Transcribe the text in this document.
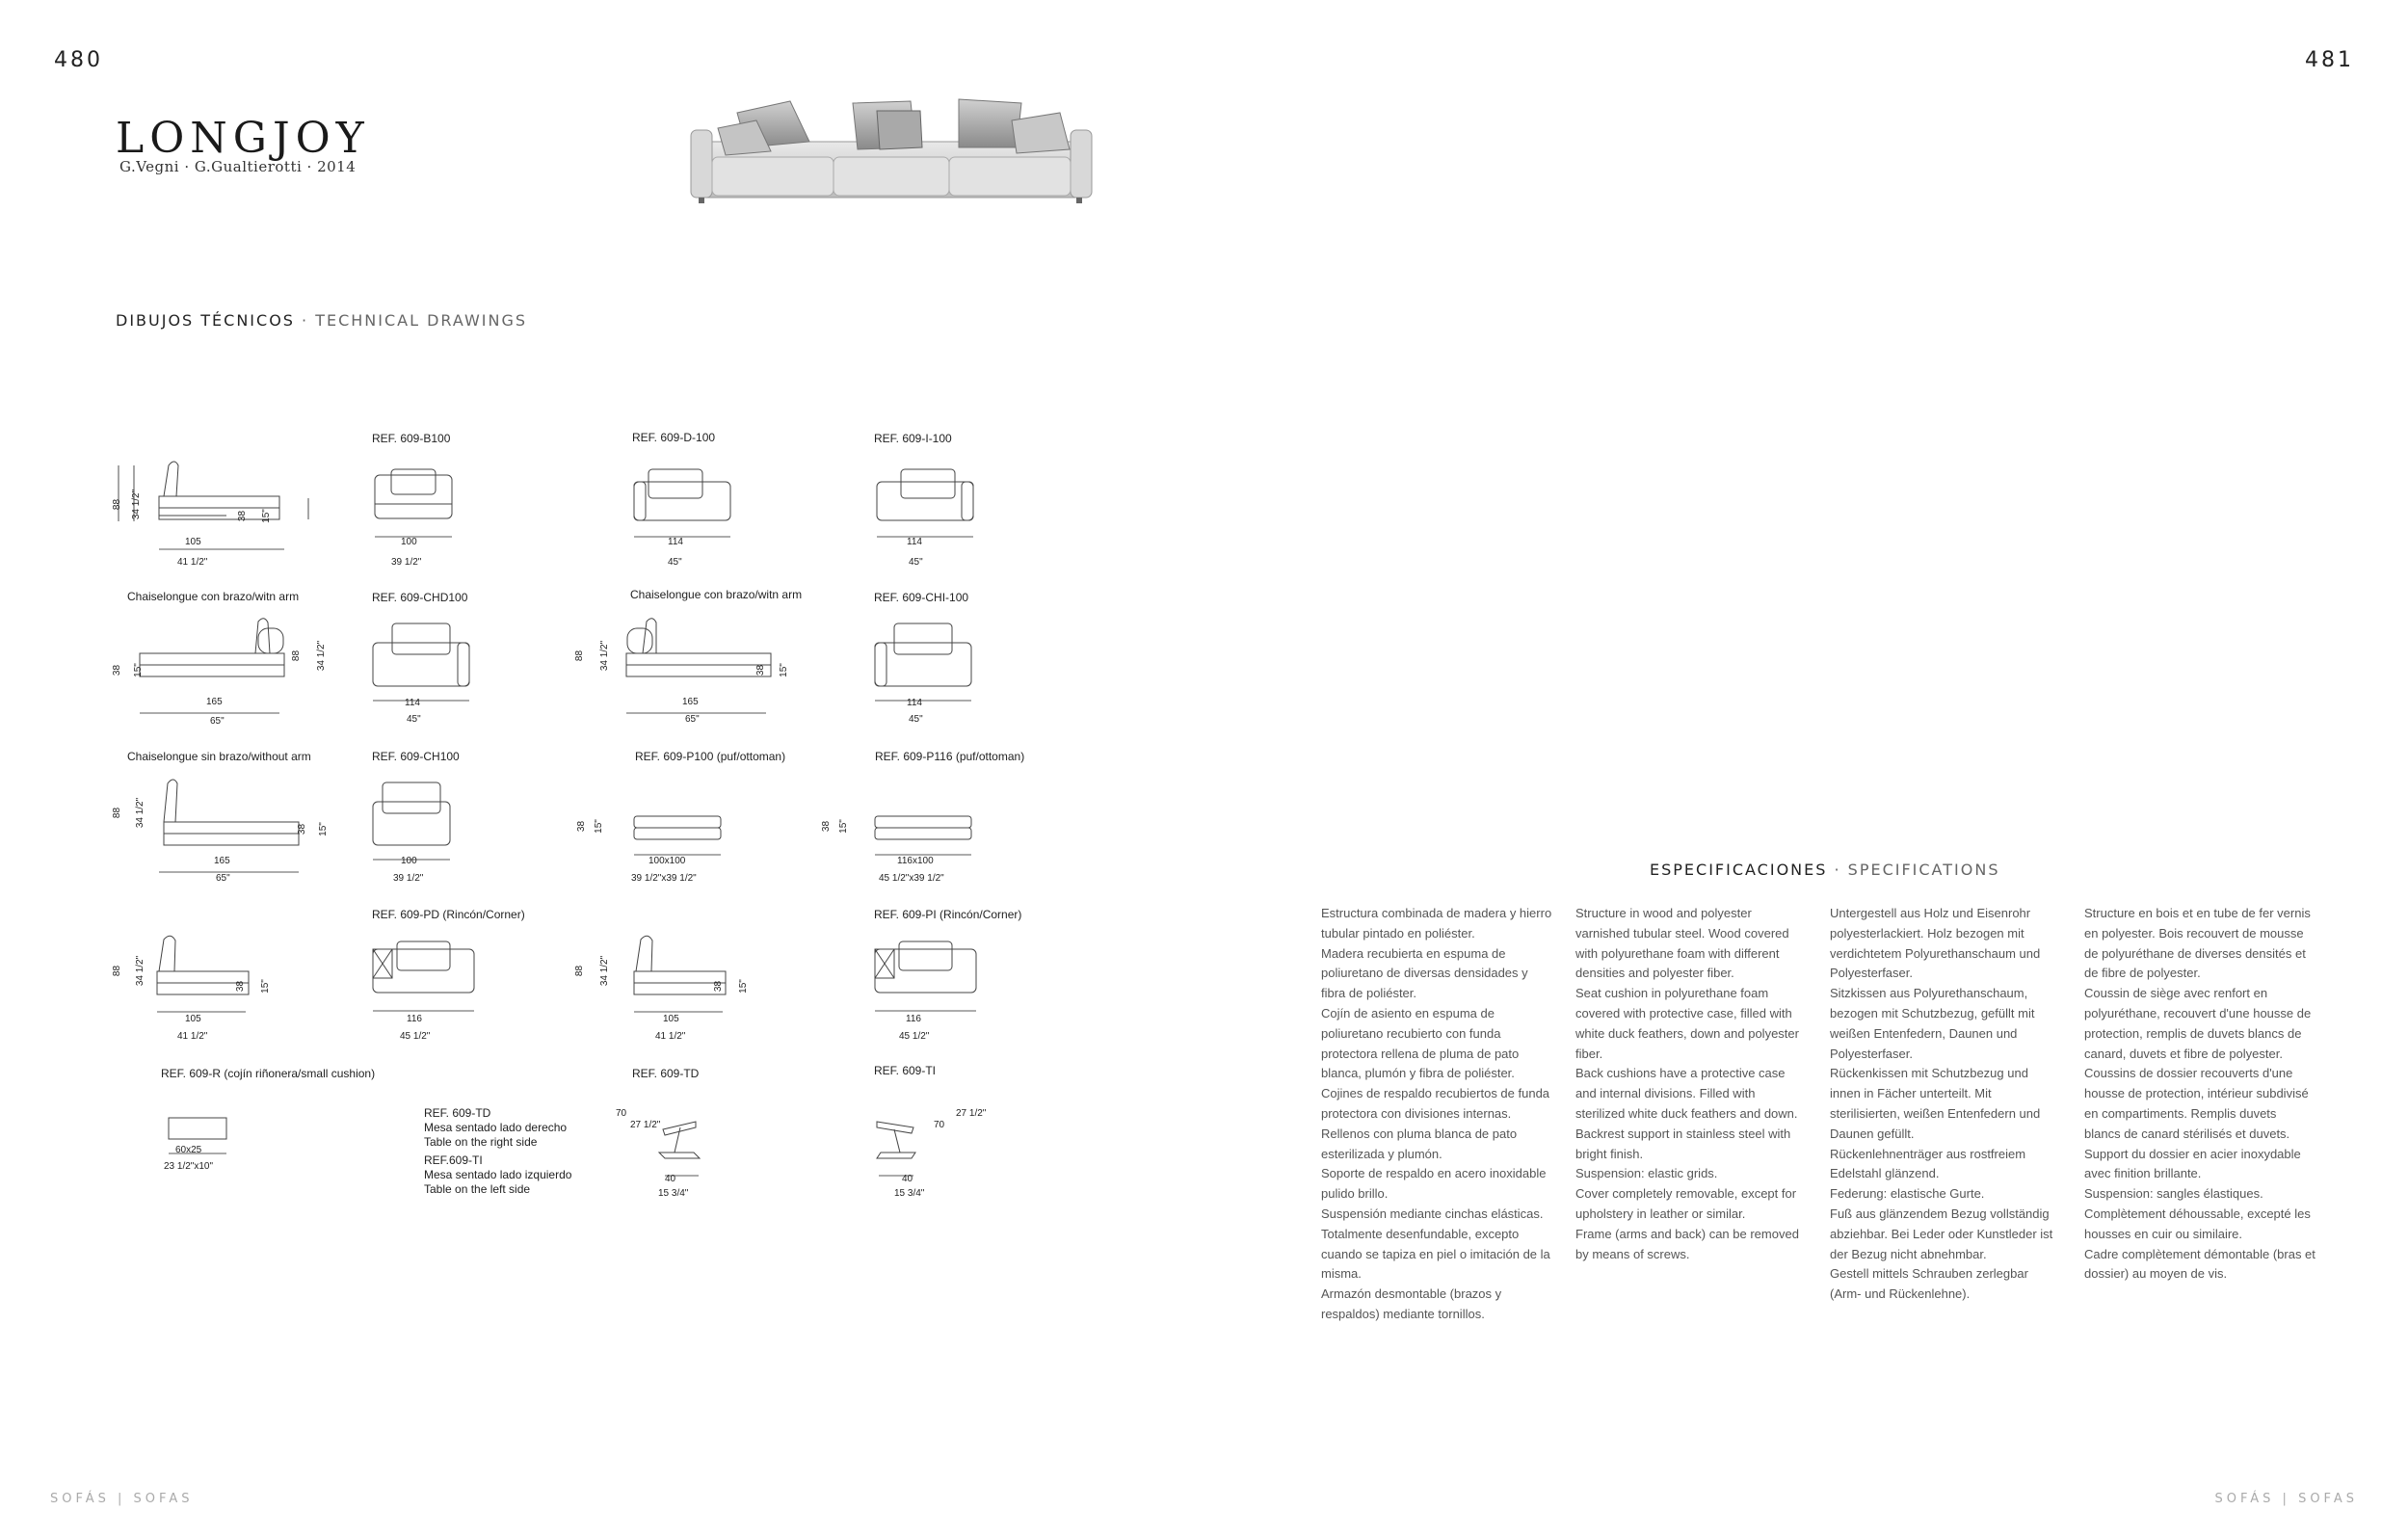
480	481
LONGJOY
G.Vegni · G.Gualtierotti · 2014
DIBUJOS TÉCNICOS · TECHNICAL DRAWINGS
88 34 1/2"	38 15"
105
41 1/2"
REF. 609-B100
100
39 1/2"
REF. 609-D-100
114
45"
REF. 609-I-100
114
45"
Chaiselongue con brazo/witn arm
38 15"
88 34 1/2"
165
65"
REF. 609-CHD100
114
45"
Chaiselongue con brazo/witn arm
88 34 1/2"	38 15"
165
65"
REF. 609-CHI-100
114
45"
Chaiselongue sin brazo/without arm
88 34 1/2"
38 15"
165
65"
REF. 609-CH100
100
39 1/2"
REF. 609-P100 (puf/ottoman)
38 15"
100x100
39 1/2"x39 1/2"
REF. 609-P116 (puf/ottoman)
38 15"
116x100
45 1/2"x39 1/2"
88 34 1/2"
38 15"
105
41 1/2"
REF. 609-PD (Rincón/Corner)
116
45 1/2"
88 34 1/2"
38 15"
105
41 1/2"
REF. 609-PI (Rincón/Corner)
116
45 1/2"
REF. 609-R (cojín riñonera/small cushion)
60x25
23 1/2"x10"
REF. 609-TD
Mesa sentado lado derecho
Table on the right side
REF.609-TI
Mesa sentado lado izquierdo
Table on the left side
REF. 609-TD
70
27 1/2"
40
15 3/4"
REF. 609-TI
70
27 1/2"
40
15 3/4"
ESPECIFICACIONES · SPECIFICATIONS

Estructura combinada de madera y hierro tubular pintado en poliéster.

Madera recubierta en espuma de poliuretano de diversas densidades y fibra de poliéster.

Cojín de asiento en espuma de poliuretano recubierto con funda protectora rellena de pluma de pato blanca, plumón y fibra de poliéster.

Cojines de respaldo recubiertos de funda protectora con divisiones internas. Rellenos con pluma blanca de pato esterilizada y plumón.

Soporte de respaldo en acero inoxidable pulido brillo.

Suspensión mediante cinchas elásticas.

Totalmente desenfundable, excepto cuando se tapiza en piel o imitación de la misma.

Armazón desmontable (brazos y respaldos) mediante tornillos.

Structure in wood and polyester varnished tubular steel. Wood covered with polyurethane foam with different densities and polyester fiber.

Seat cushion in polyurethane foam covered with protective case, filled with white duck feathers, down and polyester fiber.

Back cushions have a protective case and internal divisions. Filled with sterilized white duck feathers and down.

Backrest support in stainless steel with bright finish.

Suspension: elastic grids.

Cover completely removable, except for upholstery in leather or similar.

Frame (arms and back) can be removed by means of screws.

Untergestell aus Holz und Eisenrohr polyesterlackiert. Holz bezogen mit verdichtetem Polyurethanschaum und Polyesterfaser.

Sitzkissen aus Polyurethanschaum, bezogen mit Schutzbezug, gefüllt mit weißen Entenfedern, Daunen und Polyesterfaser.

Rückenkissen mit Schutzbezug und innen in Fächer unterteilt. Mit sterilisierten, weißen Entenfedern und Daunen gefüllt.

Rückenlehnenträger aus rostfreiem Edelstahl glänzend.

Federung: elastische Gurte.

Fuß aus glänzendem Bezug vollständig abziehbar. Bei Leder oder Kunstleder ist der Bezug nicht abnehmbar.

Gestell mittels Schrauben zerlegbar (Arm- und Rückenlehne).

Structure en bois et en tube de fer vernis en polyester. Bois recouvert de mousse de polyuréthane de diverses densités et de fibre de polyester.

Coussin de siège avec renfort en polyuréthane, recouvert d'une housse de protection, remplis de duvets blancs de canard, duvets et fibre de polyester.

Coussins de dossier recouverts d'une housse de protection, intérieur subdivisé en compartiments. Remplis duvets blancs de canard stérilisés et duvets.

Support du dossier en acier inoxydable avec finition brillante.

Suspension: sangles élastiques.

Complètement déhoussable, excepté les housses en cuir ou similaire.

Cadre complètement démontable (bras et dossier) au moyen de vis.

SOFÁS | SOFAS	SOFÁS | SOFAS
